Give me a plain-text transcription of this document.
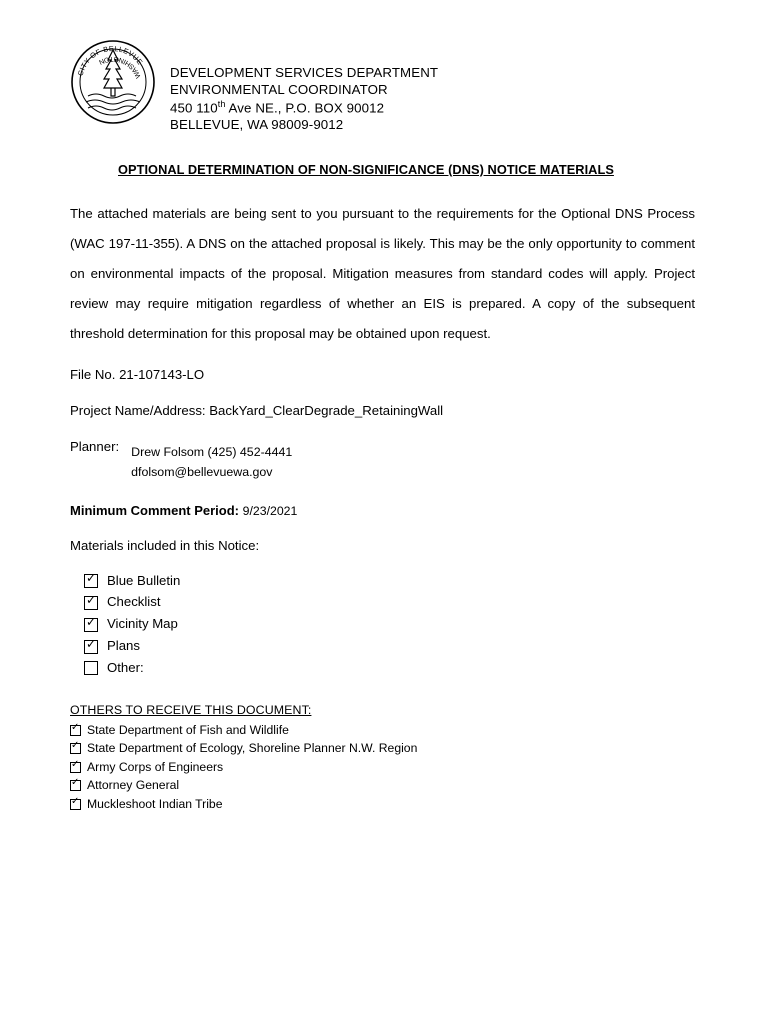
CITY OF BELLEVUE
WASHINGTON
DEVELOPMENT SERVICES DEPARTMENT
ENVIRONMENTAL COORDINATOR
450 110th Ave NE., P.O. BOX 90012
BELLEVUE, WA 98009-9012
OPTIONAL DETERMINATION OF NON-SIGNIFICANCE (DNS) NOTICE MATERIALS

The attached materials are being sent to you pursuant to the requirements for the Optional DNS Process (WAC 197-11-355). A DNS on the attached proposal is likely. This may be the only opportunity to comment on environmental impacts of the proposal. Mitigation measures from standard codes will apply. Project review may require mitigation regardless of whether an EIS is prepared. A copy of the subsequent threshold determination for this proposal may be obtained upon request.

File No. 21-107143-LO
Project Name/Address: BackYard_ClearDegrade_RetainingWall
Planner: Drew Folsom (425) 452-4441
dfolsom@bellevuewa.gov
Minimum Comment Period: 9/23/2021
Materials included in this Notice:
✓
Blue Bulletin
✓
Checklist
✓
Vicinity Map
✓
Plans
Other:
OTHERS TO RECEIVE THIS DOCUMENT:
✓
State Department of Fish and Wildlife
✓
State Department of Ecology, Shoreline Planner N.W. Region
✓
Army Corps of Engineers
✓
Attorney General
✓
Muckleshoot Indian Tribe
